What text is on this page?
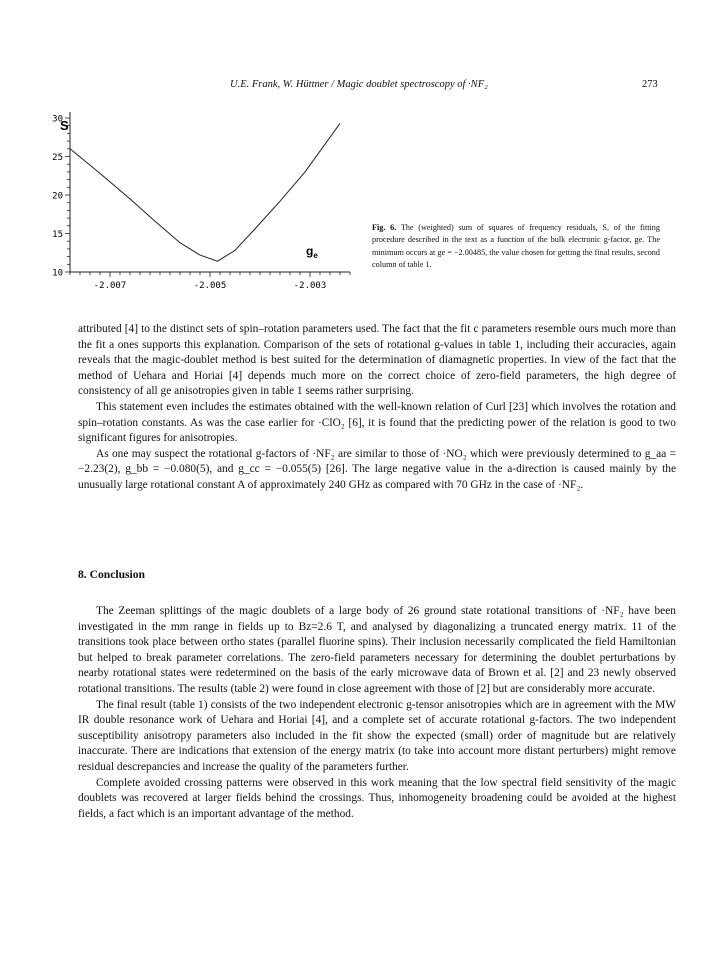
U.E. Frank, W. Hüttner / Magic doublet spectroscopy of ·NF₂	273
10
15
20
25
30
-2.007	-2.005	-2.003
S
$g_e$
Fig. 6. The (weighted) sum of squares of frequency residuals, S, of the fitting procedure described in the text as a function of the bulk electronic g-factor, ge. The minimum occurs at ge = −2.00485, the value chosen for getting the final results, second column of table 1.

attributed [4] to the distinct sets of spin–rotation parameters used. The fact that the fit c parameters resemble ours much more than the fit a ones supports this explanation. Comparison of the sets of rotational g-values in table 1, including their accuracies, again reveals that the magic-doublet method is best suited for the determination of diamagnetic properties. In view of the fact that the method of Uehara and Horiai [4] depends much more on the correct choice of zero-field parameters, the high degree of consistency of all ge anisotropies given in table 1 seems rather surprising.

This statement even includes the estimates obtained with the well-known relation of Curl [23] which involves the rotation and spin–rotation constants. As was the case earlier for ·ClO₂ [6], it is found that the predicting power of the relation is good to two significant figures for anisotropies.

As one may suspect the rotational g-factors of ·NF₂ are similar to those of ·NO₂ which were previously determined to g_aa = −2.23(2), g_bb = −0.080(5), and g_cc = −0.055(5) [26]. The large negative value in the a-direction is caused mainly by the unusually large rotational constant A of approximately 240 GHz as compared with 70 GHz in the case of ·NF₂.

8. Conclusion

The Zeeman splittings of the magic doublets of a large body of 26 ground state rotational transitions of ·NF₂ have been investigated in the mm range in fields up to Bz=2.6 T, and analysed by diagonalizing a truncated energy matrix. 11 of the transitions took place between ortho states (parallel fluorine spins). Their inclusion necessarily complicated the field Hamiltonian but helped to break parameter correlations. The zero-field parameters necessary for determining the doublet perturbations by nearby rotational states were redetermined on the basis of the early microwave data of Brown et al. [2] and 23 newly observed rotational transitions. The results (table 2) were found in close agreement with those of [2] but are considerably more accurate.

The final result (table 1) consists of the two independent electronic g-tensor anisotropies which are in agreement with the MW IR double resonance work of Uehara and Horiai [4], and a complete set of accurate rotational g-factors. The two independent susceptibility anisotropy parameters also included in the fit show the expected (small) order of magnitude but are relatively inaccurate. There are indications that extension of the energy matrix (to take into account more distant perturbers) might remove residual descrepancies and increase the quality of the parameters further.

Complete avoided crossing patterns were observed in this work meaning that the low spectral field sensitivity of the magic doublets was recovered at larger fields behind the crossings. Thus, inhomogeneity broadening could be avoided at the highest fields, a fact which is an important advantage of the method.
